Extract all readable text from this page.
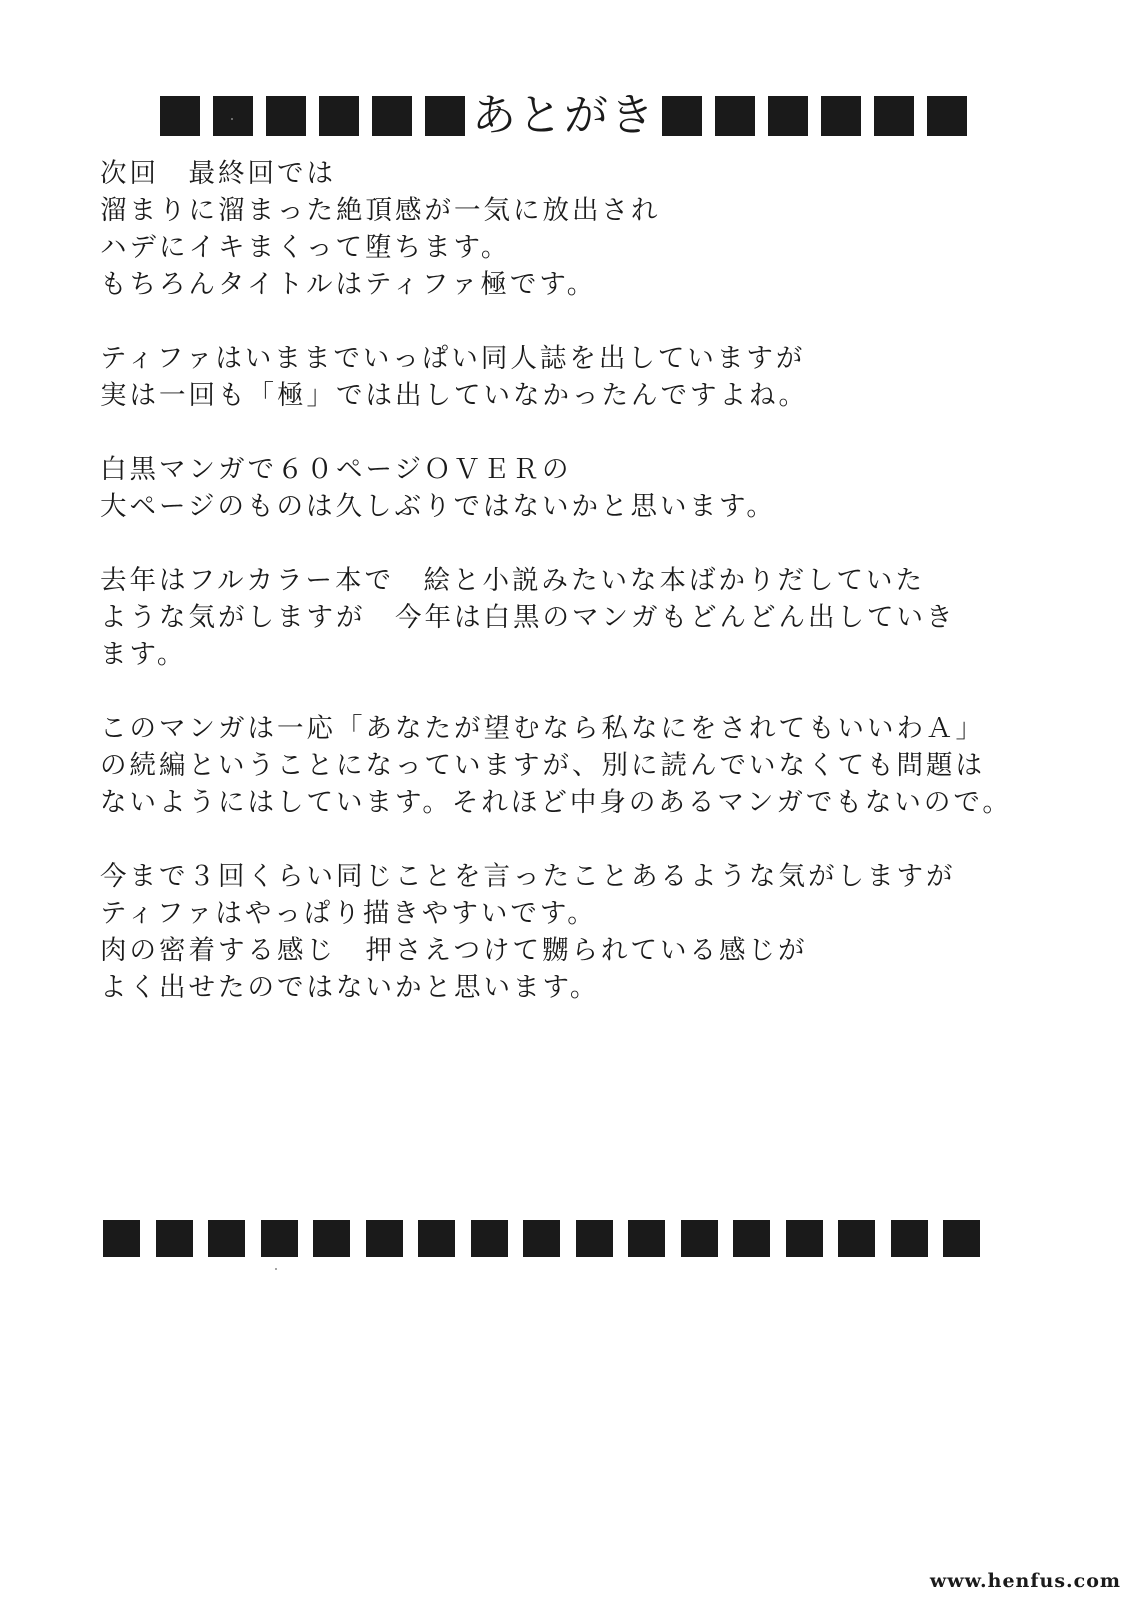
あとがき
次回　最終回では
溜まりに溜まった絶頂感が一気に放出され
ハデにイキまくって堕ちます。
もちろんタイトルはティファ極です。
ティファはいままでいっぱい同人誌を出していますが
実は一回も「極」では出していなかったんですよね。
白黒マンガで６０ページＯＶＥＲの
大ページのものは久しぶりではないかと思います。
去年はフルカラー本で　絵と小説みたいな本ばかりだしていた
ような気がしますが　今年は白黒のマンガもどんどん出していき
ます。
このマンガは一応「あなたが望むなら私なにをされてもいいわＡ」
の続編ということになっていますが、別に読んでいなくても問題は
ないようにはしています。それほど中身のあるマンガでもないので。
今まで３回くらい同じことを言ったことあるような気がしますが
ティファはやっぱり描きやすいです。
肉の密着する感じ　押さえつけて嬲られている感じが
よく出せたのではないかと思います。
www.henfus.com
